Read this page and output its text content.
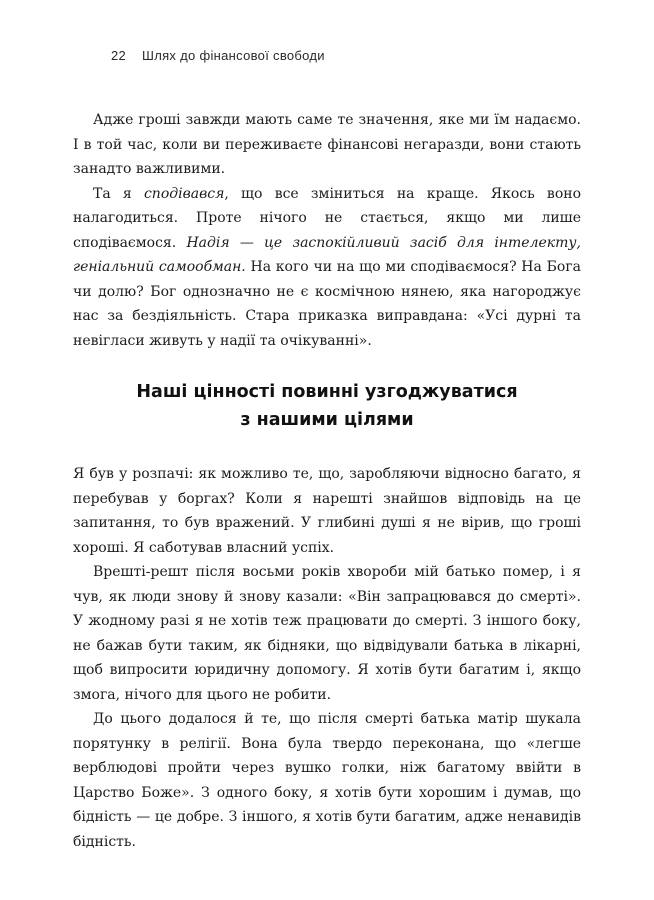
22 Шлях до фінансової свободи

Адже гроші завжди мають саме те значення, яке ми їм надаємо. І в той час, коли ви переживаєте фінансові негаразди, вони стають занадто важливими.

Та я сподівався, що все зміниться на краще. Якось воно налагодиться. Проте нічого не стається, якщо ми лише сподіваємося. Надія — це заспокійливий засіб для інтелекту, геніальний самообман. На кого чи на що ми сподіваємося? На Бога чи долю? Бог однозначно не є космічною нянею, яка нагороджує нас за бездіяльність. Стара приказка виправдана: «Усі дурні та невігласи живуть у надії та очікуванні».

Наші цінності повинні узгоджуватися
з нашими цілями

Я був у розпачі: як можливо те, що, заробляючи відносно багато, я перебував у боргах? Коли я нарешті знайшов відповідь на це запитання, то був вражений. У глибині душі я не вірив, що гроші хороші. Я саботував власний успіх.

Врешті-решт після восьми років хвороби мій батько помер, і я чув, як люди знову й знову казали: «Він запрацювався до смерті». У жодному разі я не хотів теж працювати до смерті. З іншого боку, не бажав бути таким, як бідняки, що відвідували батька в лікарні, щоб випросити юридичну допомогу. Я хотів бути багатим і, якщо змога, нічого для цього не робити.

До цього додалося й те, що після смерті батька матір шукала порятунку в релігії. Вона була твердо переконана, що «легше верблюдові пройти через вушко голки, ніж багатому ввійти в Царство Боже». З одного боку, я хотів бути хорошим і думав, що бідність — це добре. З іншого, я хотів бути багатим, адже ненавидів бідність.
